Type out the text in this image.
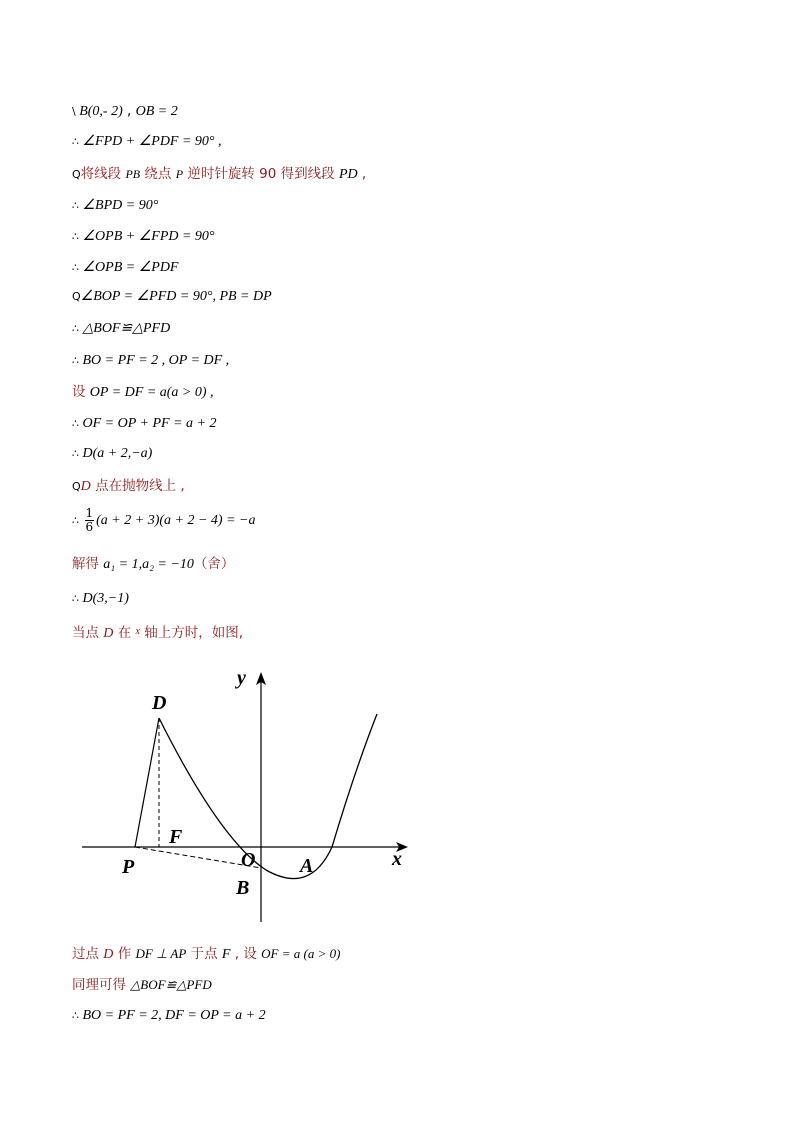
\ B(0,- 2) , OB = 2
∴ ∠FPD + ∠PDF = 90° ,
Q将线段 PB 绕点 P 逆时针旋转 90 得到线段 PD ,
∴ ∠BPD = 90°
∴ ∠OPB + ∠FPD = 90°
∴ ∠OPB = ∠PDF
Q∠BOP = ∠PFD = 90°, PB = DP
∴ △BOF≌△PFD
∴ BO = PF = 2 , OP = DF ,
设 OP = DF = a(a > 0) ,
∴ OF = OP + PF = a + 2
∴ D(a + 2,−a)
QD 点在抛物线上 ,
∴ $\frac{1}{6} (a + 2 + 3)(a + 2 - 4) = -a$
解得 a₁ = 1,a₂ = −10（舍）
∴ D(3,−1)
当点 D 在 $^x$ 轴上方时，如图,
y
x
D
F
P	O A
B
过点 D 作 DF ⊥ AP 于点 F , 设 OF = a (a > 0)
同理可得 △BOF≌△PFD
∴ BO = PF = 2, DF = OP = a + 2
